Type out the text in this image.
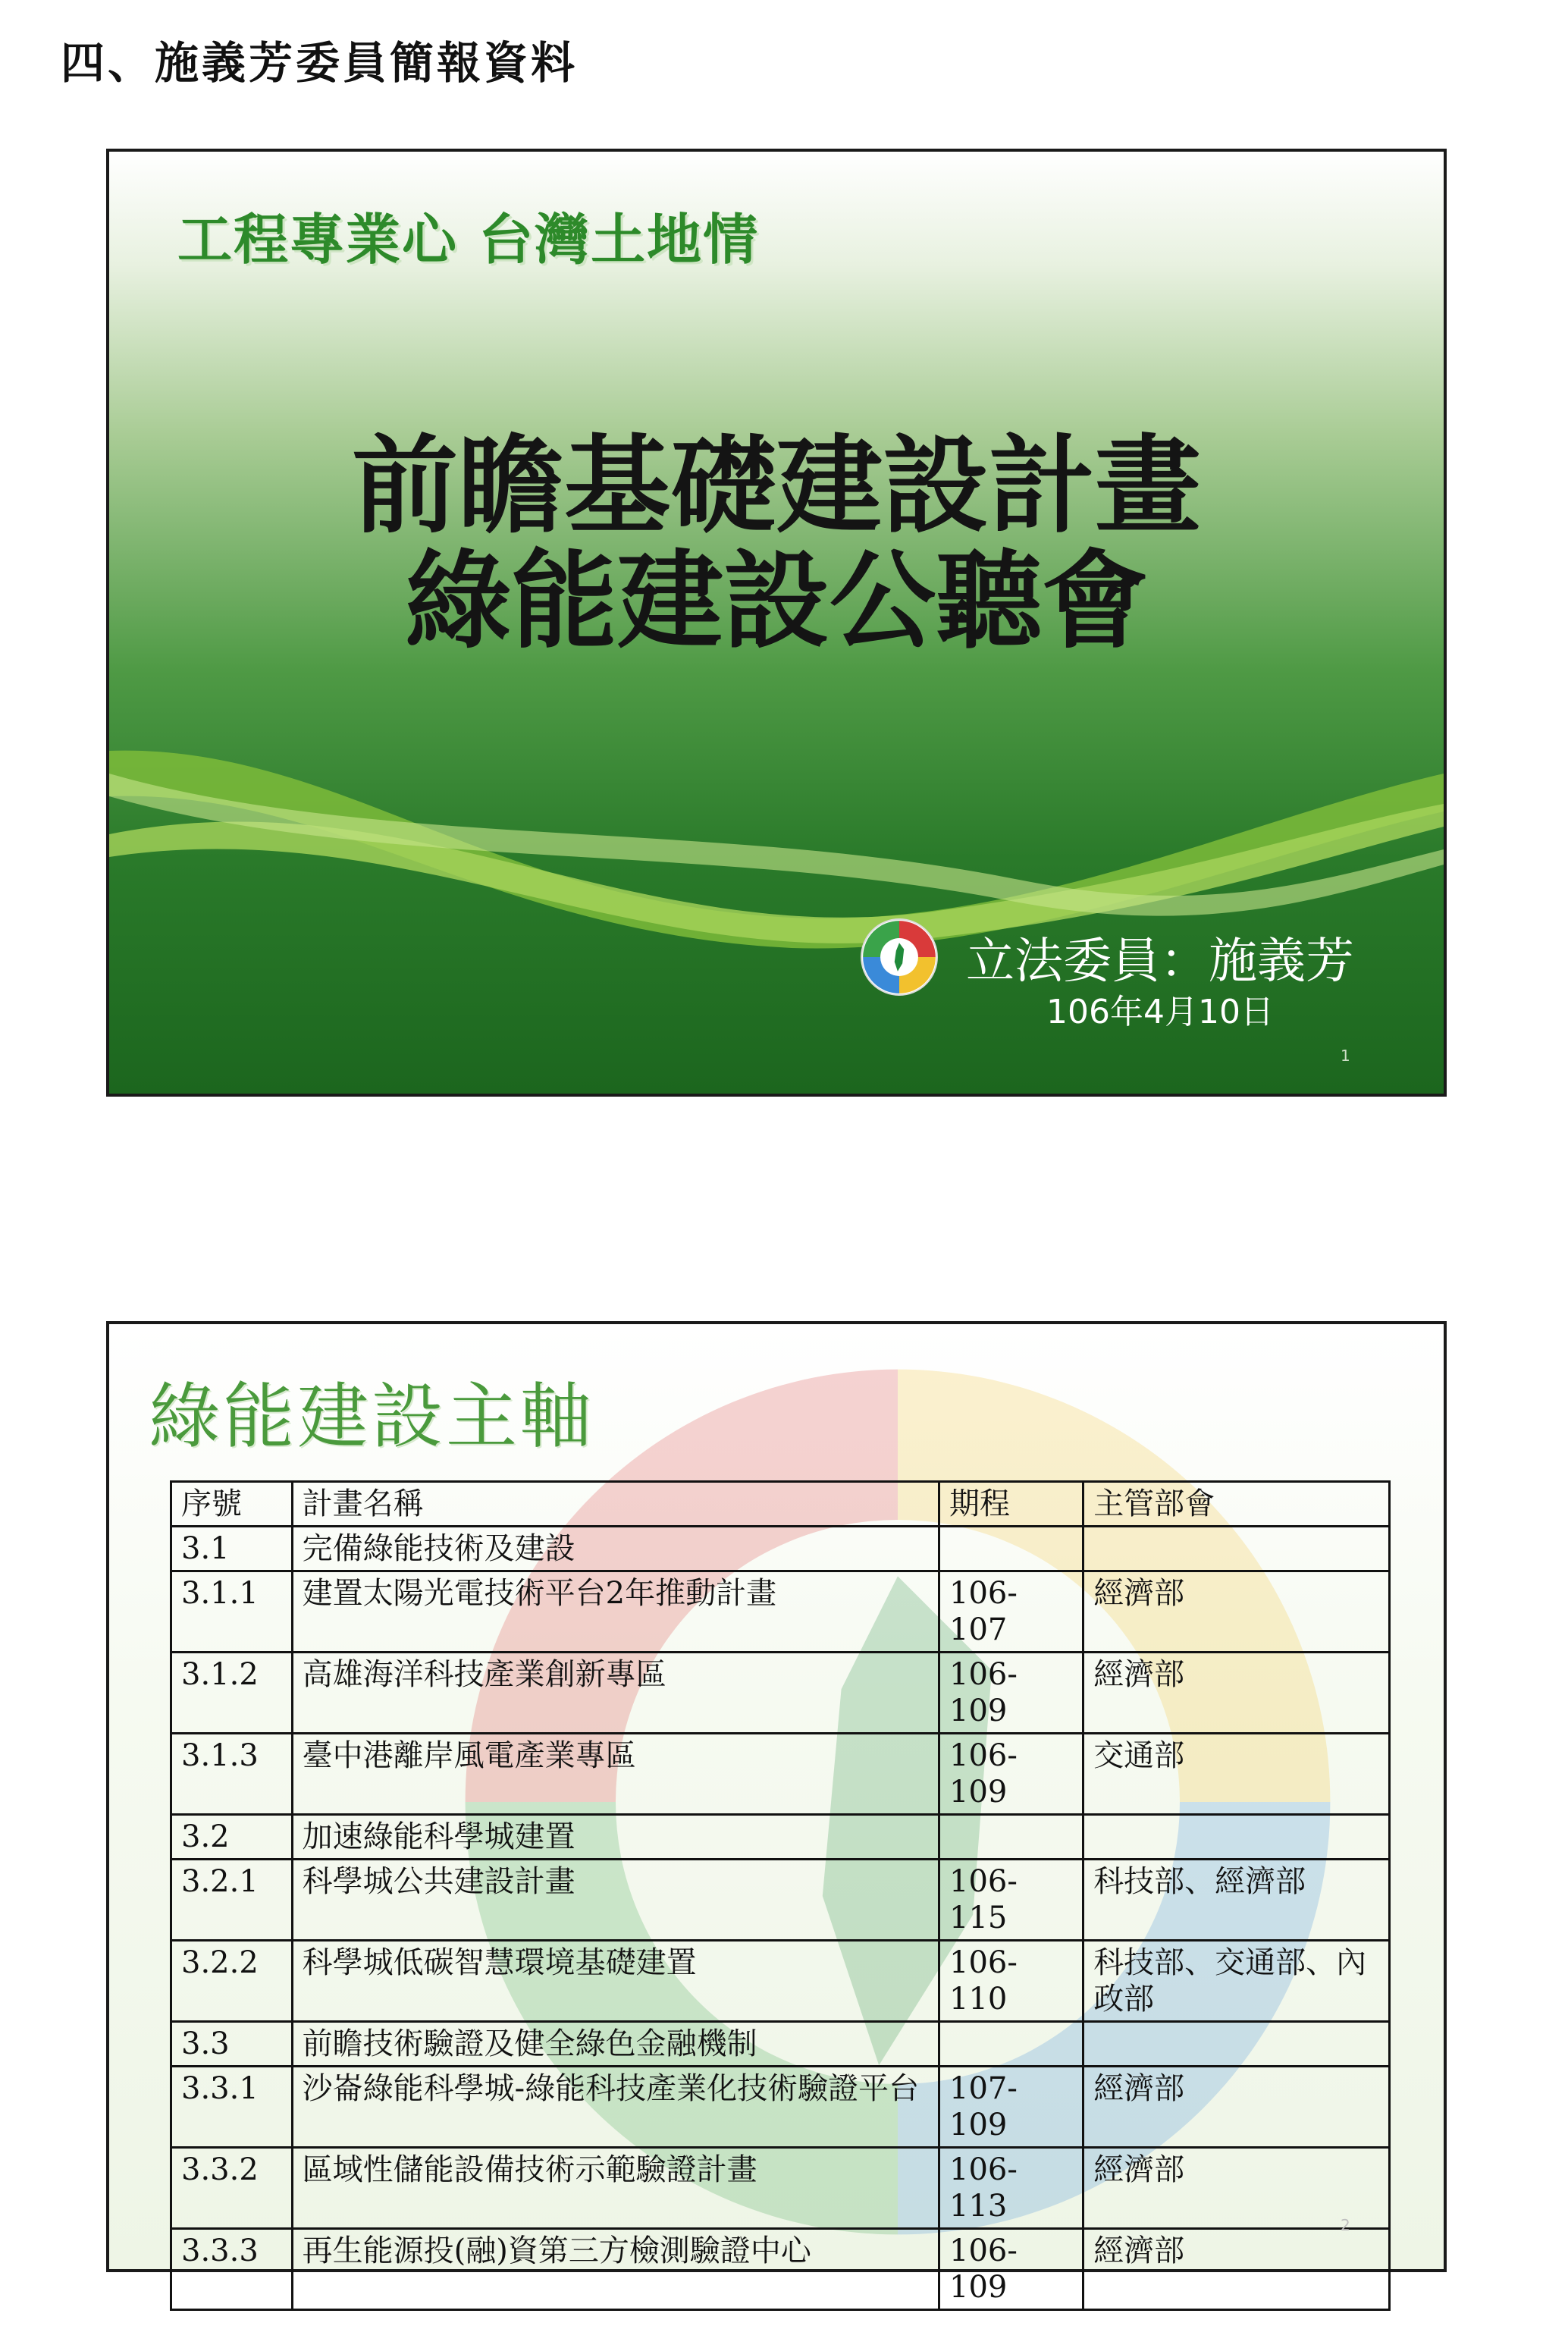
四、施義芳委員簡報資料
工程專業心 台灣土地情
前瞻基礎建設計畫
綠能建設公聽會
立法委員：施義芳
106年4月10日
1
綠能建設主軸
序號	計畫名稱	期程	主管部會
3.1	完備綠能技術及建設		
3.1.1	建置太陽光電技術平台2年推動計畫	106-107	經濟部
3.1.2	高雄海洋科技產業創新專區	106-109	經濟部
3.1.3	臺中港離岸風電產業專區	106-109	交通部
3.2	加速綠能科學城建置		
3.2.1	科學城公共建設計畫	106-115	科技部、經濟部
3.2.2	科學城低碳智慧環境基礎建置	106-110	科技部、交通部、內政部
3.3	前瞻技術驗證及健全綠色金融機制		
3.3.1	沙崙綠能科學城-綠能科技產業化技術驗證平台	107-109	經濟部
3.3.2	區域性儲能設備技術示範驗證計畫	106-113	經濟部
3.3.3	再生能源投(融)資第三方檢測驗證中心	106-109	經濟部
2
